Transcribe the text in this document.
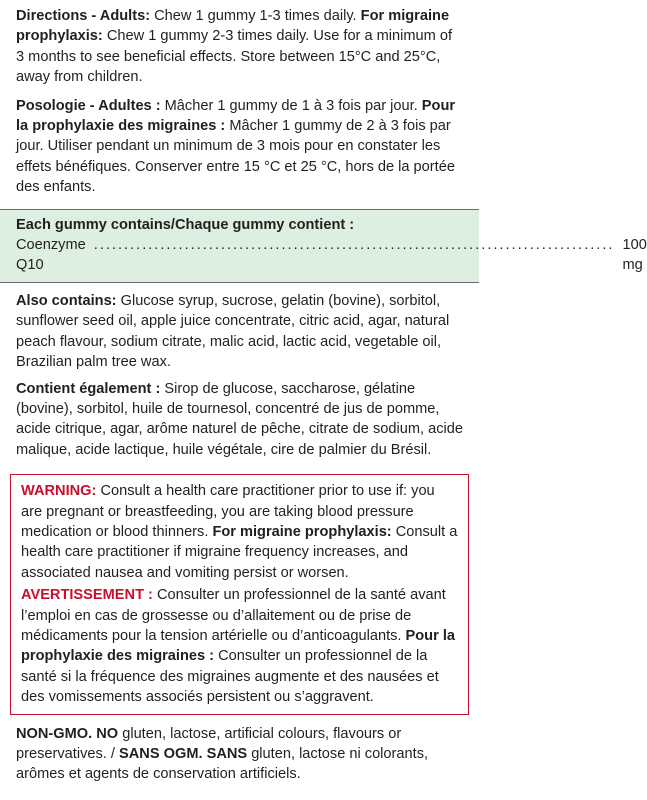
Directions - Adults: Chew 1 gummy 1-3 times daily. For migraine prophylaxis: Chew 1 gummy 2-3 times daily. Use for a minimum of 3 months to see beneficial effects. Store between 15°C and 25°C, away from children.

Posologie - Adultes : Mâcher 1 gummy de 1 à 3 fois par jour. Pour la prophylaxie des migraines : Mâcher 1 gummy de 2 à 3 fois par jour. Utiliser pendant un minimum de 3 mois pour en constater les effets bénéfiques. Conserver entre 15 °C et 25 °C, hors de la portée des enfants.

Each gummy contains/Chaque gummy contient :

Coenzyme Q10
...................................................................................... 100 mg

Also contains: Glucose syrup, sucrose, gelatin (bovine), sorbitol, sunflower seed oil, apple juice concentrate, citric acid, agar, natural peach flavour, sodium citrate, malic acid, lactic acid, vegetable oil, Brazilian palm tree wax.

Contient également : Sirop de glucose, saccharose, gélatine (bovine), sorbitol, huile de tournesol, concentré de jus de pomme, acide citrique, agar, arôme naturel de pêche, citrate de sodium, acide malique, acide lactique, huile végétale, cire de palmier du Brésil.

WARNING: Consult a health care practitioner prior to use if: you are pregnant or breastfeeding, you are taking blood pressure medication or blood thinners. For migraine prophylaxis: Consult a health care practitioner if migraine frequency increases, and associated nausea and vomiting persist or worsen.

AVERTISSEMENT : Consulter un professionnel de la santé avant l’emploi en cas de grossesse ou d’allaitement ou de prise de médicaments pour la tension artérielle ou d’anticoagulants. Pour la prophylaxie des migraines : Consulter un professionnel de la santé si la fréquence des migraines augmente et des nausées et des vomissements associés persistent ou s’aggravent.

NON-GMO. NO gluten, lactose, artificial colours, flavours or preservatives. / SANS OGM. SANS gluten, lactose ni colorants, arômes et agents de conservation artificiels.
